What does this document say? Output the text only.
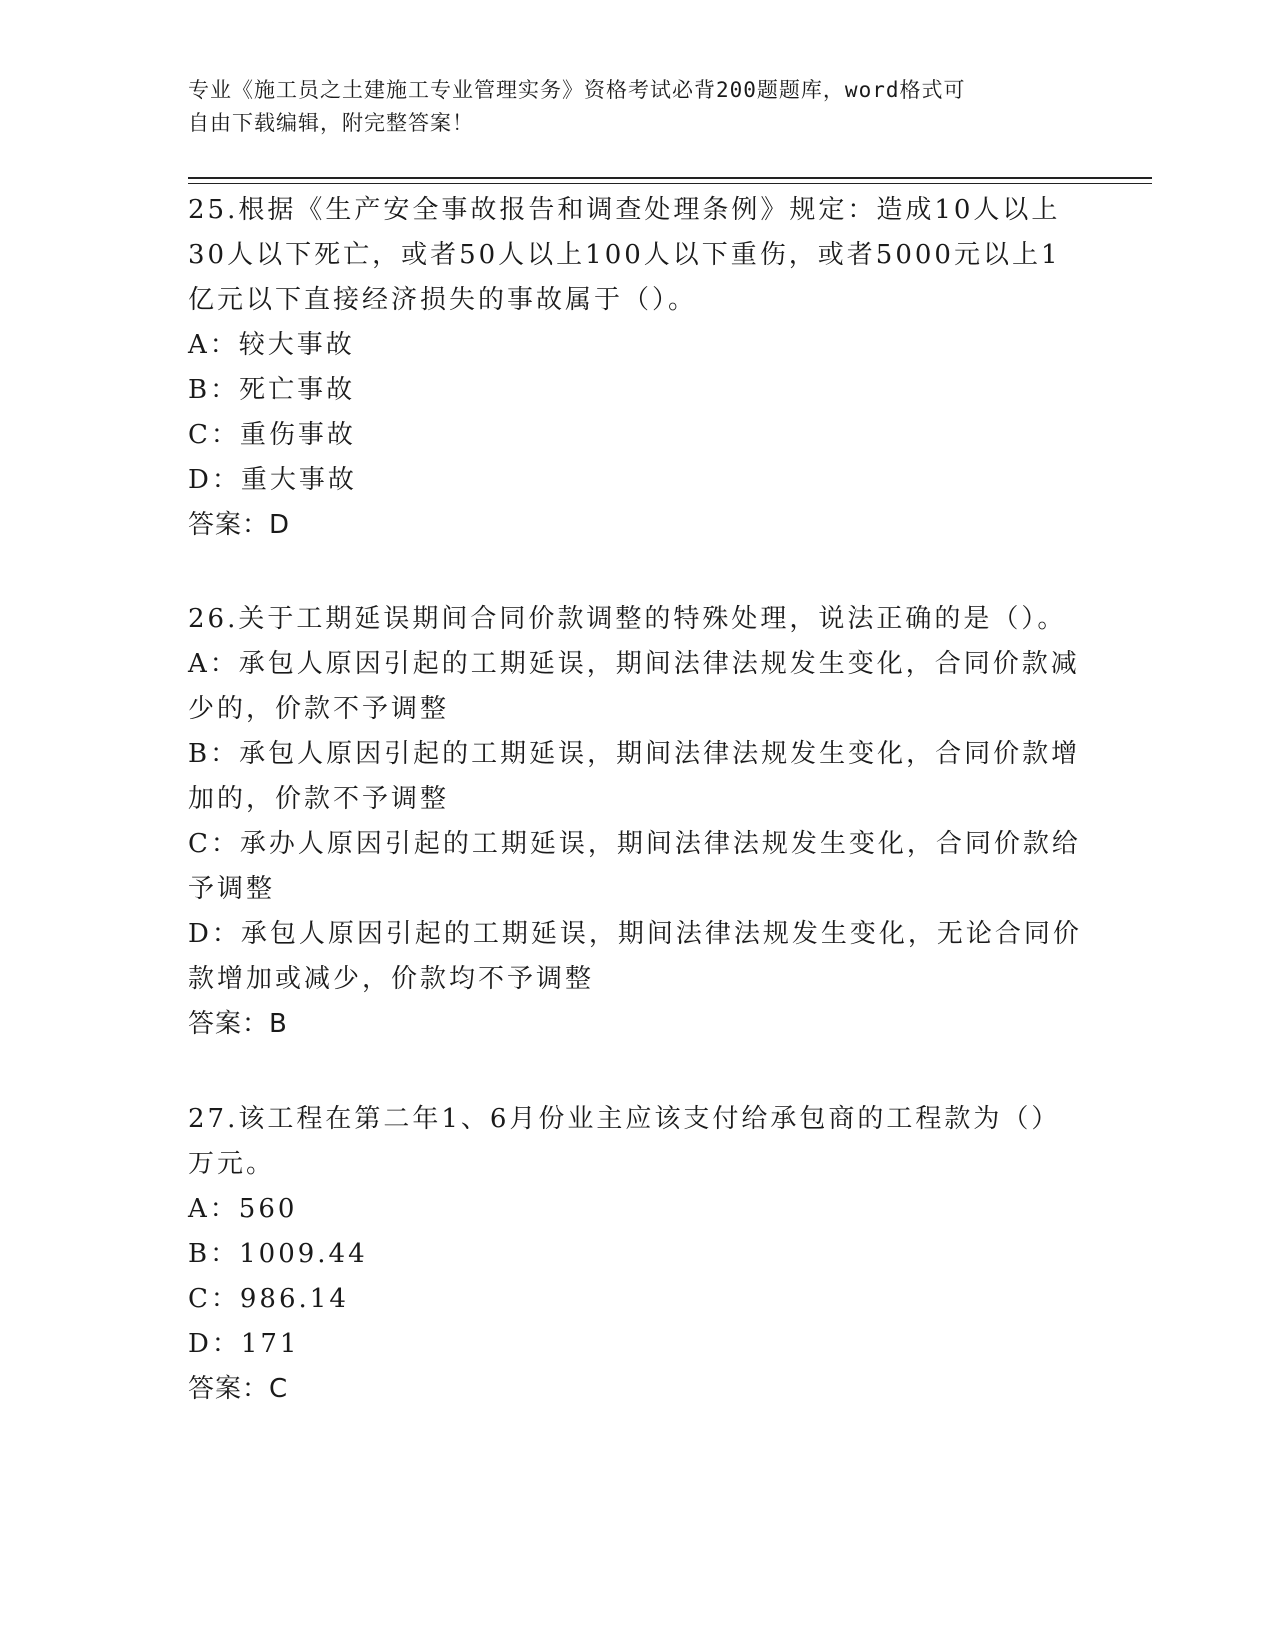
专业《施工员之土建施工专业管理实务》资格考试必背200题题库，word格式可
自由下载编辑，附完整答案！
25.根据《生产安全事故报告和调查处理条例》规定：造成10人以上
30人以下死亡，或者50人以上100人以下重伤，或者5000元以上1
亿元以下直接经济损失的事故属于（）。
A：较大事故
B：死亡事故
C：重伤事故
D：重大事故
答案：D
26.关于工期延误期间合同价款调整的特殊处理，说法正确的是（）。
A：承包人原因引起的工期延误，期间法律法规发生变化，合同价款减
少的，价款不予调整
B：承包人原因引起的工期延误，期间法律法规发生变化，合同价款增
加的，价款不予调整
C：承办人原因引起的工期延误，期间法律法规发生变化，合同价款给
予调整
D：承包人原因引起的工期延误，期间法律法规发生变化，无论合同价
款增加或减少，价款均不予调整
答案：B
27.该工程在第二年1、6月份业主应该支付给承包商的工程款为（）
万元。
A：560
B：1009.44
C：986.14
D：171
答案：C
